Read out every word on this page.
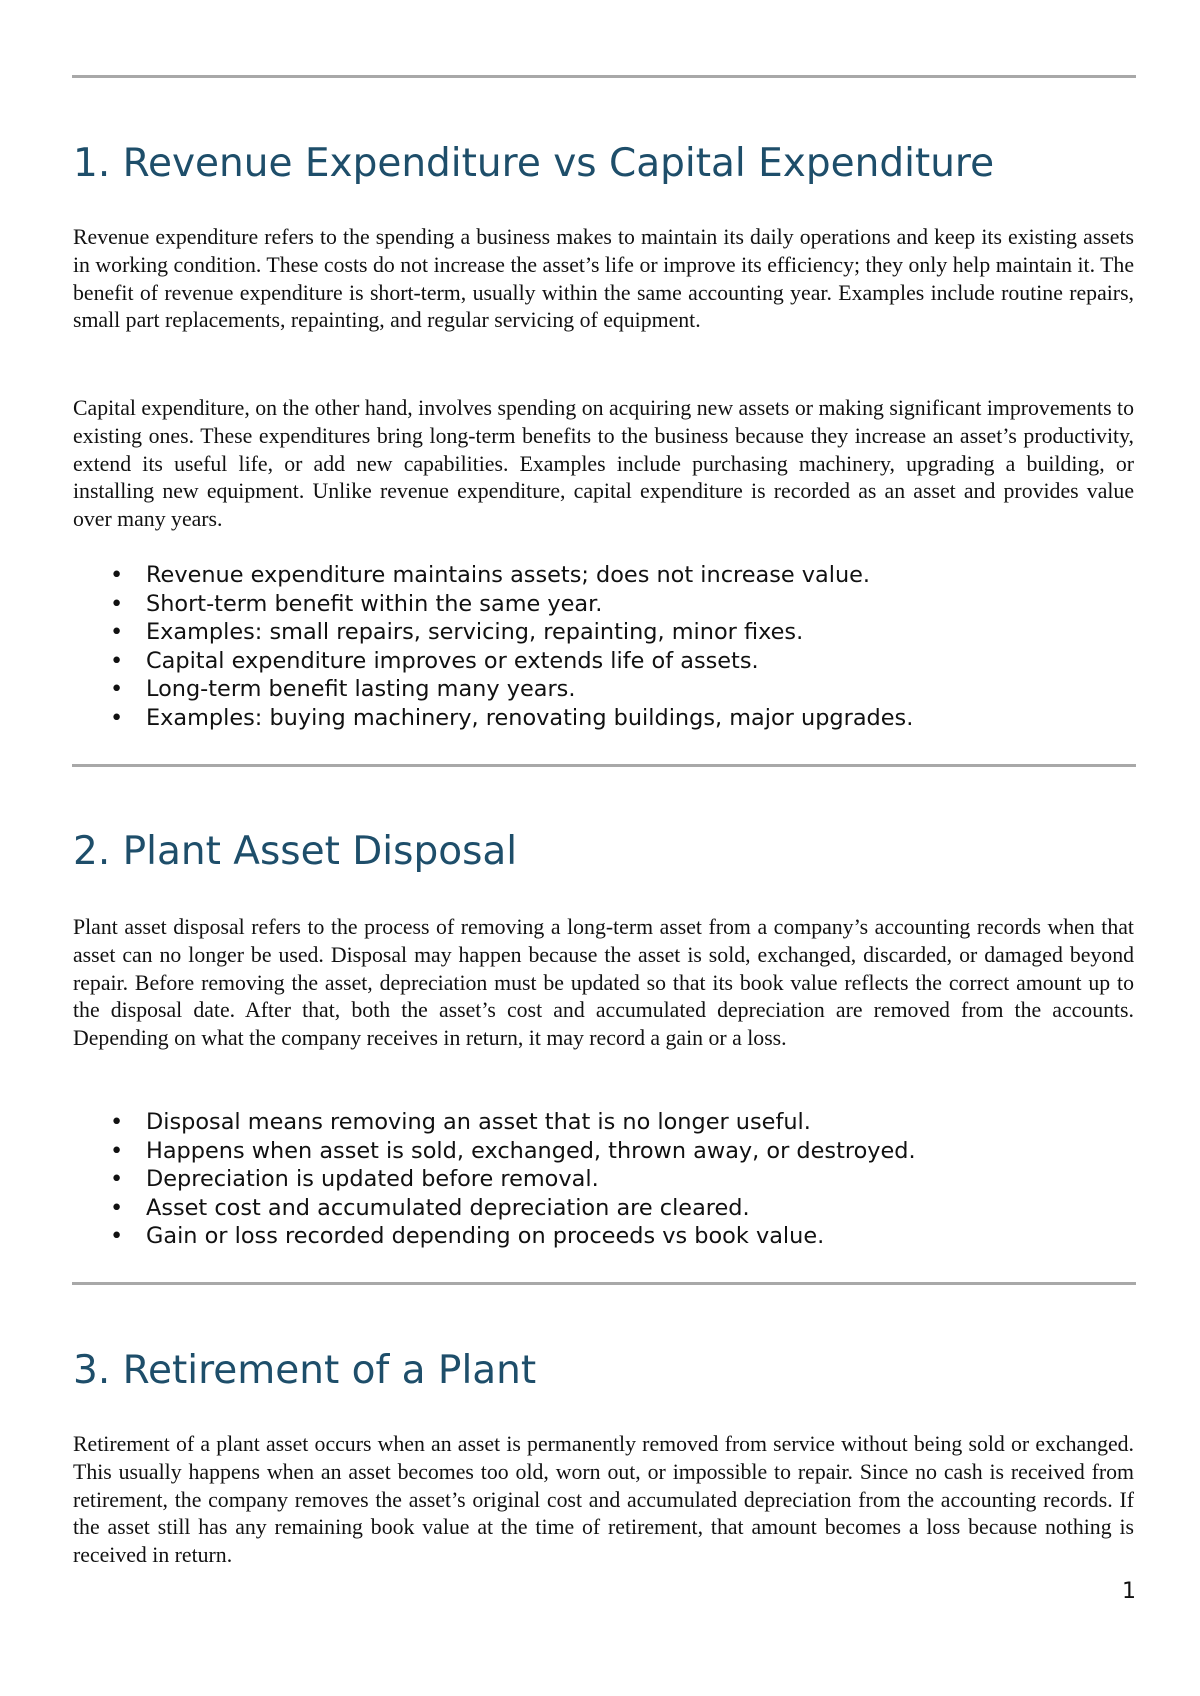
1. Revenue Expenditure vs Capital Expenditure

Revenue expenditure refers to the spending a business makes to maintain its daily operations and keep its existing assets in working condition. These costs do not increase the asset’s life or improve its efficiency; they only help maintain it. The benefit of revenue expenditure is short-term, usually within the same accounting year. Examples include routine repairs, small part replacements, repainting, and regular servicing of equipment.

Capital expenditure, on the other hand, involves spending on acquiring new assets or making significant improvements to existing ones. These expenditures bring long-term benefits to the business because they increase an asset’s productivity, extend its useful life, or add new capabilities. Examples include purchasing machinery, upgrading a building, or installing new equipment. Unlike revenue expenditure, capital expenditure is recorded as an asset and provides value over many years.

• Revenue expenditure maintains assets; does not increase value.
• Short-term benefit within the same year.
• Examples: small repairs, servicing, repainting, minor fixes.
• Capital expenditure improves or extends life of assets.
• Long-term benefit lasting many years.
• Examples: buying machinery, renovating buildings, major upgrades.
2. Plant Asset Disposal

Plant asset disposal refers to the process of removing a long-term asset from a company’s accounting records when that asset can no longer be used. Disposal may happen because the asset is sold, exchanged, discarded, or damaged beyond repair. Before removing the asset, depreciation must be updated so that its book value reflects the correct amount up to the disposal date. After that, both the asset’s cost and accumulated depreciation are removed from the accounts. Depending on what the company receives in return, it may record a gain or a loss.

• Disposal means removing an asset that is no longer useful.
• Happens when asset is sold, exchanged, thrown away, or destroyed.
• Depreciation is updated before removal.
• Asset cost and accumulated depreciation are cleared.
• Gain or loss recorded depending on proceeds vs book value.
3. Retirement of a Plant

Retirement of a plant asset occurs when an asset is permanently removed from service without being sold or exchanged. This usually happens when an asset becomes too old, worn out, or impossible to repair. Since no cash is received from retirement, the company removes the asset’s original cost and accumulated depreciation from the accounting records. If the asset still has any remaining book value at the time of retirement, that amount becomes a loss because nothing is received in return.

1
